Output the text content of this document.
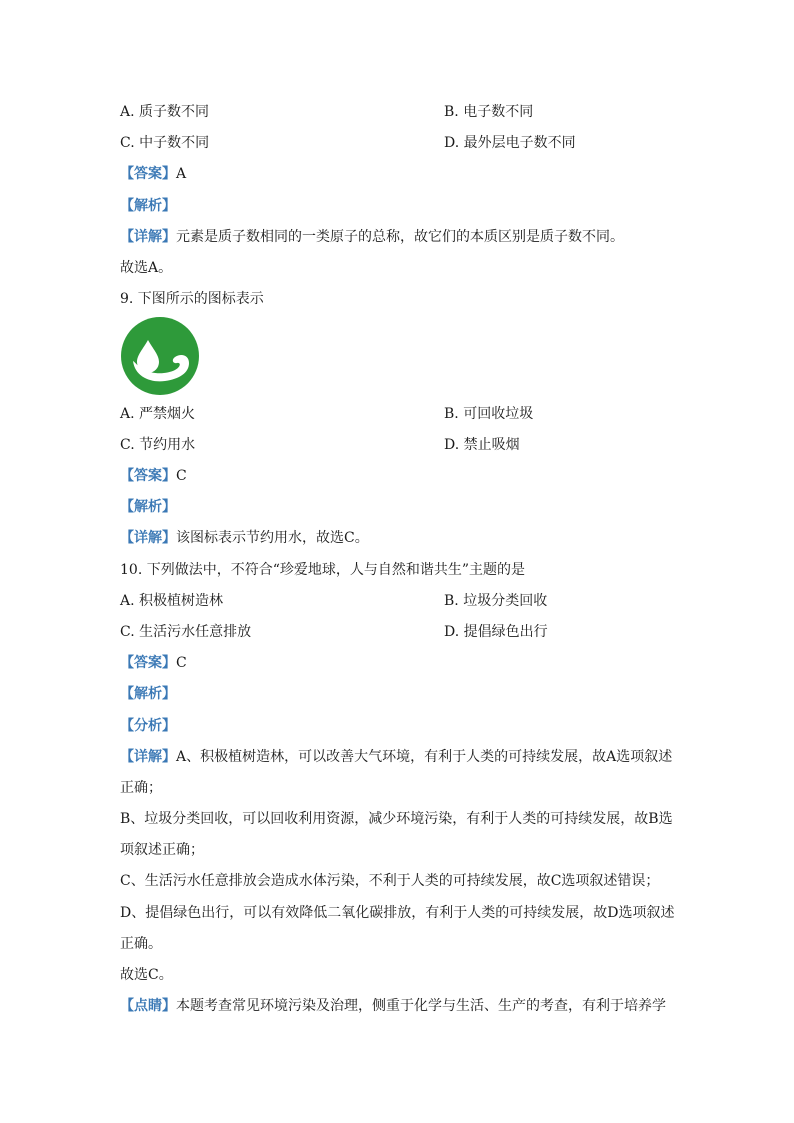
A. 质子数不同	B. 电子数不同
C. 中子数不同	D. 最外层电子数不同
【答案】A
【解析】
【详解】元素是质子数相同的一类原子的总称，故它们的本质区别是质子数不同。
故选A。
9. 下图所示的图标表示
A. 严禁烟火	B. 可回收垃圾
C. 节约用水	D. 禁止吸烟
【答案】C
【解析】
【详解】该图标表示节约用水，故选C。
10. 下列做法中，不符合“珍爱地球，人与自然和谐共生”主题的是
A. 积极植树造林	B. 垃圾分类回收
C. 生活污水任意排放	D. 提倡绿色出行
【答案】C
【解析】
【分析】
【详解】A、积极植树造林，可以改善大气环境，有利于人类的可持续发展，故A选项叙述
正确；
B、垃圾分类回收，可以回收利用资源，减少环境污染，有利于人类的可持续发展，故B选
项叙述正确；
C、生活污水任意排放会造成水体污染，不利于人类的可持续发展，故C选项叙述错误；
D、提倡绿色出行，可以有效降低二氧化碳排放，有利于人类的可持续发展，故D选项叙述
正确。
故选C。
【点睛】本题考查常见环境污染及治理，侧重于化学与生活、生产的考查，有利于培养学
